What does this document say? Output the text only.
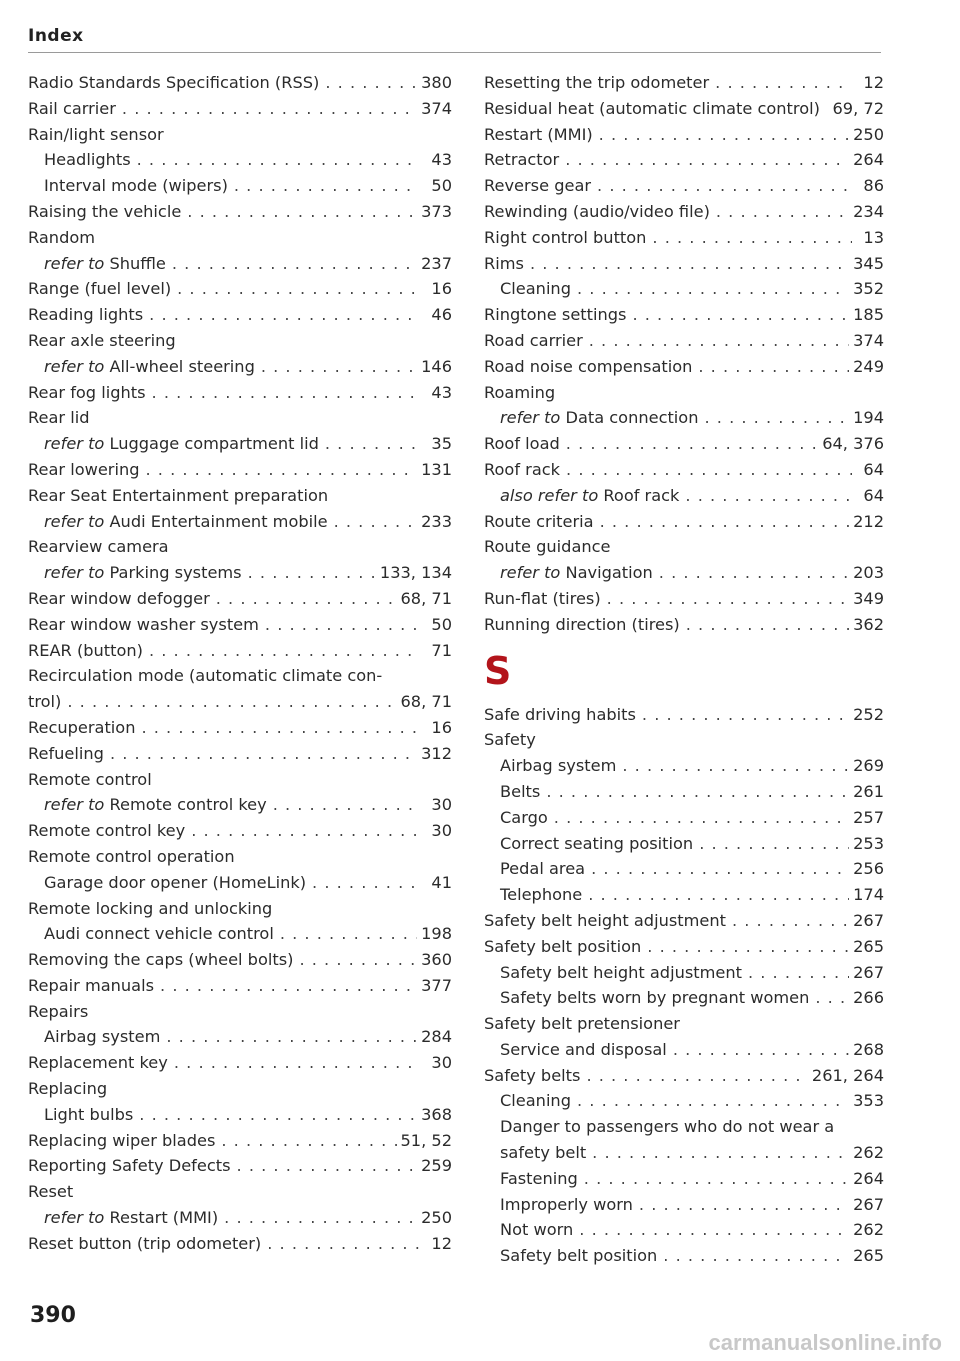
Index
Radio Standards Specification (RSS) . . .	380
Rail carrier . . .	374
Rain/light sensor
Headlights . . .	43
Interval mode (wipers) . . .	50
Raising the vehicle . . .	373
Random
refer to Shuffle . . .	237
Range (fuel level) . . .	16
Reading lights . . .	46
Rear axle steering
refer to All-wheel steering . . .	146
Rear fog lights . . .	43
Rear lid
refer to Luggage compartment lid . . .	35
Rear lowering . . .	131
Rear Seat Entertainment preparation
refer to Audi Entertainment mobile . . .	233
Rearview camera
refer to Parking systems . . .	133, 134
Rear window defogger . . .	68, 71
Rear window washer system . . .	50
REAR (button) . . .	71
Recirculation mode (automatic climate con-
trol) . . .	68, 71
Recuperation . . .	16
Refueling . . .	312
Remote control
refer to Remote control key . . .	30
Remote control key . . .	30
Remote control operation
Garage door opener (HomeLink) . . .	41
Remote locking and unlocking
Audi connect vehicle control . . .	198
Removing the caps (wheel bolts) . . .	360
Repair manuals . . .	377
Repairs
Airbag system . . .	284
Replacement key . . .	30
Replacing
Light bulbs . . .	368
Replacing wiper blades . . .	51, 52
Reporting Safety Defects . . .	259
Reset
refer to Restart (MMI) . . .	250
Reset button (trip odometer) . . .	12
Resetting the trip odometer . . .	12
Residual heat (automatic climate control) 69, 72
Restart (MMI) . . .	250
Retractor . . .	264
Reverse gear . . .	86
Rewinding (audio/video file) . . .	234
Right control button . . .	13
Rims . . .	345
Cleaning . . .	352
Ringtone settings . . .	185
Road carrier . . .	374
Road noise compensation . . .	249
Roaming
refer to Data connection . . .	194
Roof load . . .	64, 376
Roof rack . . .	64
also refer to Roof rack . . .	64
Route criteria . . .	212
Route guidance
refer to Navigation . . .	203
Run-flat (tires) . . .	349
Running direction (tires) . . .	362
S
Safe driving habits . . .	252
Safety
Airbag system . . .	269
Belts . . .	261
Cargo . . .	257
Correct seating position . . .	253
Pedal area . . .	256
Telephone . . .	174
Safety belt height adjustment . . .	267
Safety belt position . . .	265
Safety belt height adjustment . . .	267
Safety belts worn by pregnant women . . .	266
Safety belt pretensioner
Service and disposal . . .	268
Safety belts . . .	261, 264
Cleaning . . .	353
Danger to passengers who do not wear a
safety belt . . .	262
Fastening . . .	264
Improperly worn . . .	267
Not worn . . .	262
Safety belt position . . .	265
390
carmanualsonline.info
